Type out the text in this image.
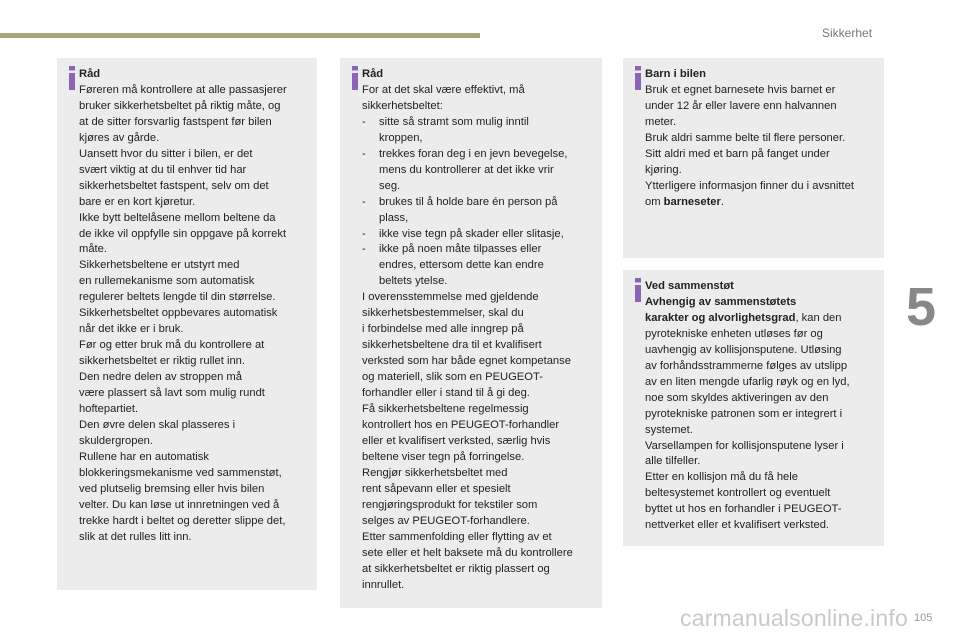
Sikkerhet
Råd
Føreren må kontrollere at alle passasjerer
bruker sikkerhetsbeltet på riktig måte, og
at de sitter forsvarlig fastspent før bilen
kjøres av gårde.
Uansett hvor du sitter i bilen, er det
svært viktig at du til enhver tid har
sikkerhetsbeltet fastspent, selv om det
bare er en kort kjøretur.
Ikke bytt beltelåsene mellom beltene da
de ikke vil oppfylle sin oppgave på korrekt
måte.
Sikkerhetsbeltene er utstyrt med
en rullemekanisme som automatisk
regulerer beltets lengde til din størrelse.
Sikkerhetsbeltet oppbevares automatisk
når det ikke er i bruk.
Før og etter bruk må du kontrollere at
sikkerhetsbeltet er riktig rullet inn.
Den nedre delen av stroppen må
være plassert så lavt som mulig rundt
hoftepartiet.
Den øvre delen skal plasseres i
skuldergropen.
Rullene har en automatisk
blokkeringsmekanisme ved sammenstøt,
ved plutselig bremsing eller hvis bilen
velter. Du kan løse ut innretningen ved å
trekke hardt i beltet og deretter slippe det,
slik at det rulles litt inn.
Råd
For at det skal være effektivt, må
sikkerhetsbeltet:
- sitte så stramt som mulig inntil
kroppen,
- trekkes foran deg i en jevn bevegelse,
mens du kontrollerer at det ikke vrir
seg.
- brukes til å holde bare én person på
plass,
- ikke vise tegn på skader eller slitasje,
- ikke på noen måte tilpasses eller
endres, ettersom dette kan endre
beltets ytelse.
I overensstemmelse med gjeldende
sikkerhetsbestemmelser, skal du
i forbindelse med alle inngrep på
sikkerhetsbeltene dra til et kvalifisert
verksted som har både egnet kompetanse
og materiell, slik som en PEUGEOT-
forhandler eller i stand til å gi deg.
Få sikkerhetsbeltene regelmessig
kontrollert hos en PEUGEOT-forhandler
eller et kvalifisert verksted, særlig hvis
beltene viser tegn på forringelse.
Rengjør sikkerhetsbeltet med
rent såpevann eller et spesielt
rengjøringsprodukt for tekstiler som
selges av PEUGEOT-forhandlere.
Etter sammenfolding eller flytting av et
sete eller et helt baksete må du kontrollere
at sikkerhetsbeltet er riktig plassert og
innrullet.
Barn i bilen
Bruk et egnet barnesete hvis barnet er
under 12 år eller lavere enn halvannen
meter.
Bruk aldri samme belte til flere personer.
Sitt aldri med et barn på fanget under
kjøring.
Ytterligere informasjon finner du i avsnittet
om barneseter.
Ved sammenstøt
Avhengig av sammenstøtets
karakter og alvorlighetsgrad, kan den
pyrotekniske enheten utløses før og
uavhengig av kollisjonsputene. Utløsing
av forhåndsstrammerne følges av utslipp
av en liten mengde ufarlig røyk og en lyd,
noe som skyldes aktiveringen av den
pyrotekniske patronen som er integrert i
systemet.
Varsellampen for kollisjonsputene lyser i
alle tilfeller.
Etter en kollisjon må du få hele
beltesystemet kontrollert og eventuelt
byttet ut hos en forhandler i PEUGEOT-
nettverket eller et kvalifisert verksted.
5
carmanualsonline.info 105
